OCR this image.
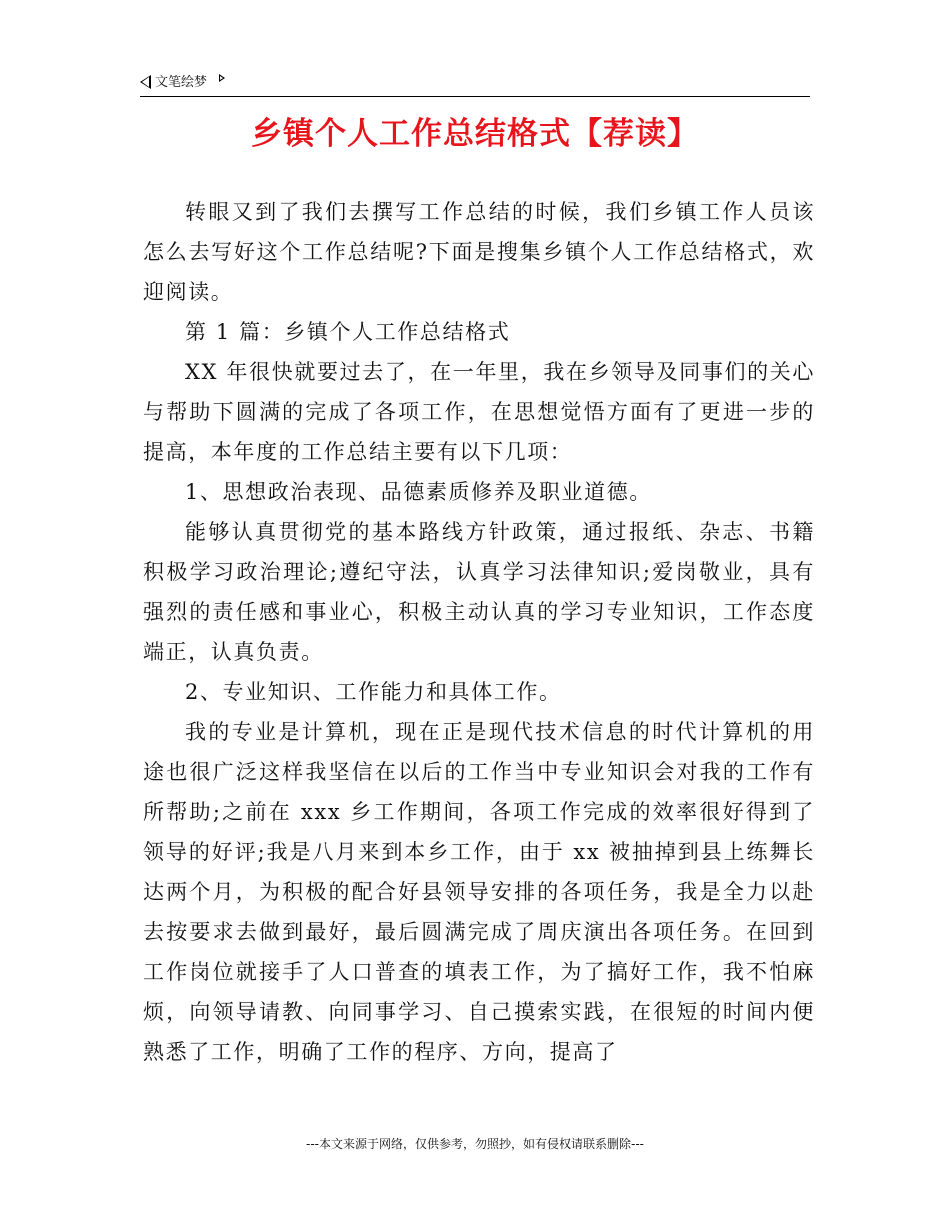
文笔绘梦
乡镇个人工作总结格式【荐读】

转眼又到了我们去撰写工作总结的时候，我们乡镇工作人员该怎么去写好这个工作总结呢?下面是搜集乡镇个人工作总结格式，欢迎阅读。

第 1 篇：乡镇个人工作总结格式

XX 年很快就要过去了，在一年里，我在乡领导及同事们的关心与帮助下圆满的完成了各项工作，在思想觉悟方面有了更进一步的提高，本年度的工作总结主要有以下几项：

1、思想政治表现、品德素质修养及职业道德。

能够认真贯彻党的基本路线方针政策，通过报纸、杂志、书籍积极学习政治理论;遵纪守法，认真学习法律知识;爱岗敬业，具有强烈的责任感和事业心，积极主动认真的学习专业知识，工作态度端正，认真负责。

2、专业知识、工作能力和具体工作。

我的专业是计算机，现在正是现代技术信息的时代计算机的用途也很广泛这样我坚信在以后的工作当中专业知识会对我的工作有所帮助;之前在 xxx 乡工作期间，各项工作完成的效率很好得到了领导的好评;我是八月来到本乡工作，由于 xx 被抽掉到县上练舞长达两个月，为积极的配合好县领导安排的各项任务，我是全力以赴去按要求去做到最好，最后圆满完成了周庆演出各项任务。在回到工作岗位就接手了人口普查的填表工作，为了搞好工作，我不怕麻烦，向领导请教、向同事学习、自己摸索实践，在很短的时间内便熟悉了工作，明确了工作的程序、方向，提高了

---本文来源于网络，仅供参考，勿照抄，如有侵权请联系删除---
